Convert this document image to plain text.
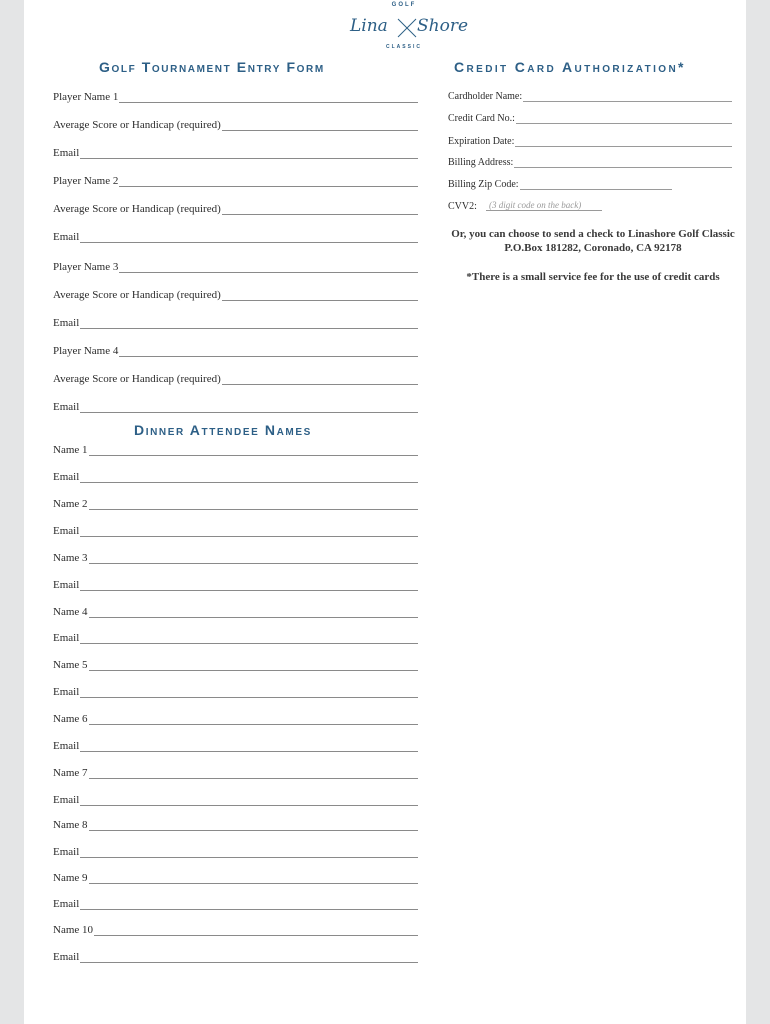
GOLF
Lina Shore
CLASSIC
Golf Tournament Entry Form
Player Name 1
Average Score or Handicap (required)
Email
Player Name 2
Average Score or Handicap (required)
Email
Player Name 3
Average Score or Handicap (required)
Email
Player Name 4
Average Score or Handicap (required)
Email
Dinner Attendee Names
Name 1
Email
Name 2
Email
Name 3
Email
Name 4
Email
Name 5
Email
Name 6
Email
Name 7
Email
Name 8
Email
Name 9
Email
Name 10
Email
Credit Card Authorization*
Cardholder Name:
Credit Card No.:
Expiration Date:
Billing Address:
Billing Zip Code:
CVV2:	(3 digit code on the back)
Or, you can choose to send a check to Linashore Golf Classic
P.O.Box 181282, Coronado, CA 92178
*There is a small service fee for the use of credit cards
